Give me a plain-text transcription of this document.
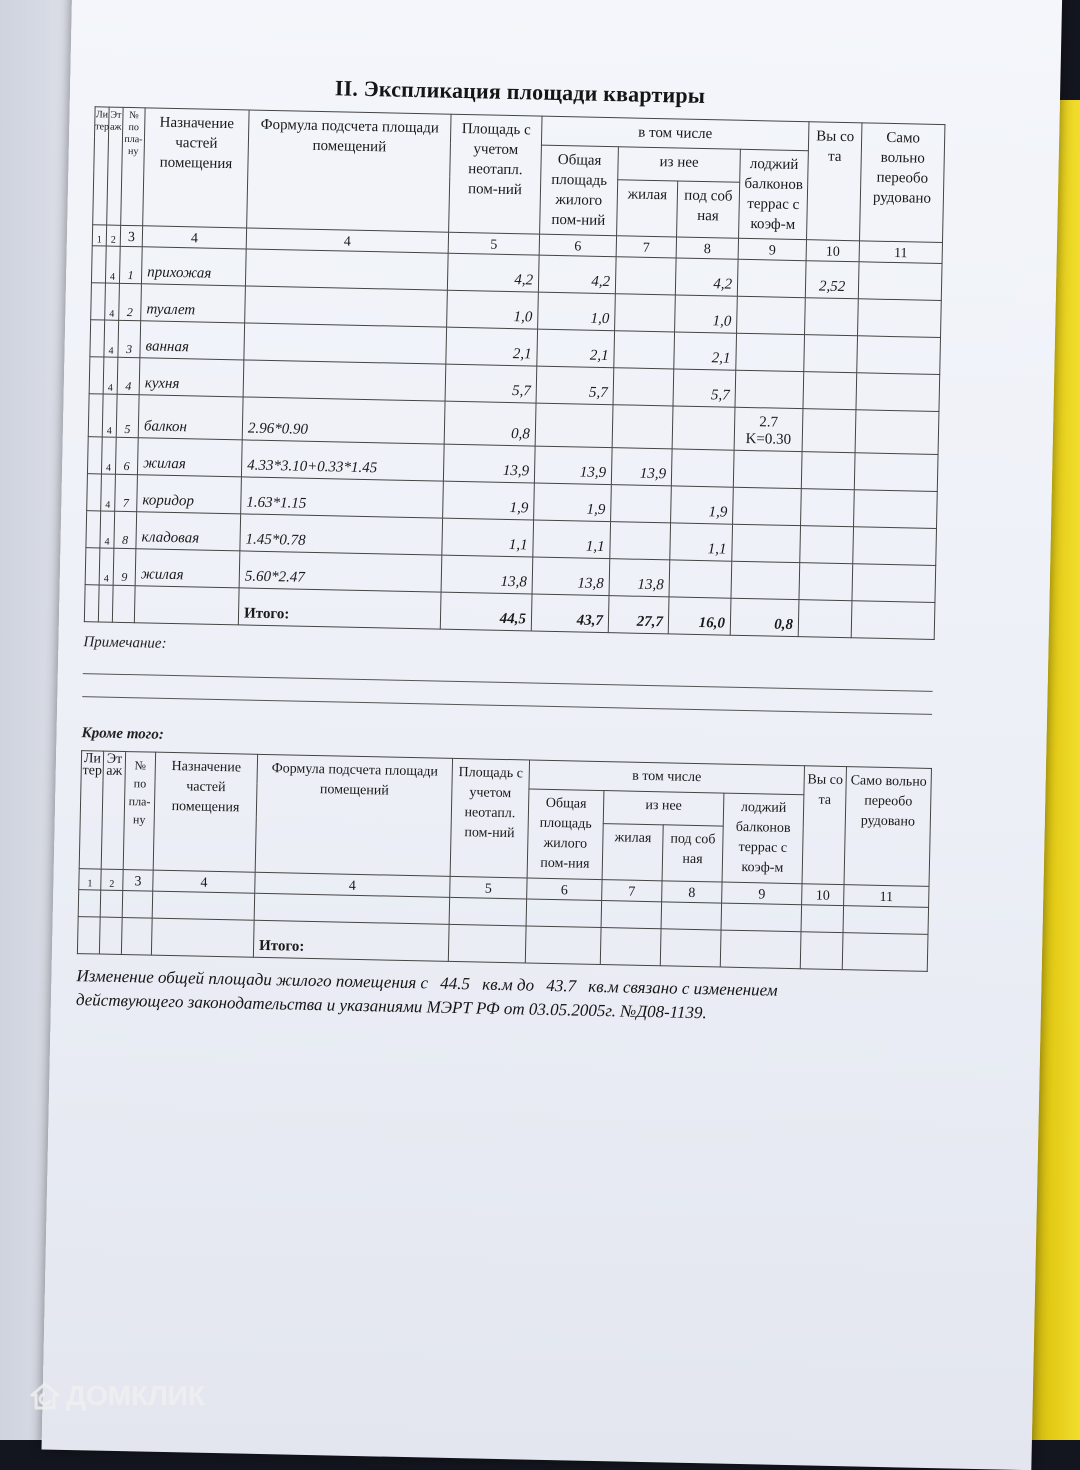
II. Экспликация площади квартиры
Ли тер	Эт аж	№ по пла- ну	Назначение частей помещения	Формула подсчета площади помещений	Площадь с учетом неотапл. пом-ний	в том числе				Вы со та	Само вольно переобо рудовано
						Общая площадь жилого пом-ний	из нее		лоджий балконов террас с коэф-м		
							жилая	под соб ная			
1	2	3	4	4	5	6	7	8	9	10	11
	4	1	прихожая		4,2	4,2		4,2		2,52	
	4	2	туалет		1,0	1,0		1,0			
	4	3	ванная		2,1	2,1		2,1			
	4	4	кухня		5,7	5,7		5,7			
	4	5	балкон	2.96*0.90	0,8				2.7 K=0.30		
	4	6	жилая	4.33*3.10+0.33*1.45	13,9	13,9	13,9				
	4	7	коридор	1.63*1.15	1,9	1,9		1,9			
	4	8	кладовая	1.45*0.78	1,1	1,1		1,1			
	4	9	жилая	5.60*2.47	13,8	13,8	13,8				
				Итого:	44,5	43,7	27,7	16,0	0,8		
Примечание:
Кроме того:
Ли тер	Эт аж	№ по пла- ну	Назначение частей помещения	Формула подсчета площади помещений	Площадь с учетом неотапл. пом-ний	в том числе				Вы со та	Само вольно переобо рудовано
						Общая площадь жилого пом-ния	из нее		лоджий балконов террас с коэф-м		
							жилая	под соб ная			
1	2	3	4	4	5	6	7	8	9	10	11

				Итого:							
Изменение общей площади жилого помещения с 44.5 кв.м до 43.7 кв.м связано с изменением
действующего законодательства и указаниями МЭРТ РФ от 03.05.2005г. №Д08-1139.
ДОМКЛИК
